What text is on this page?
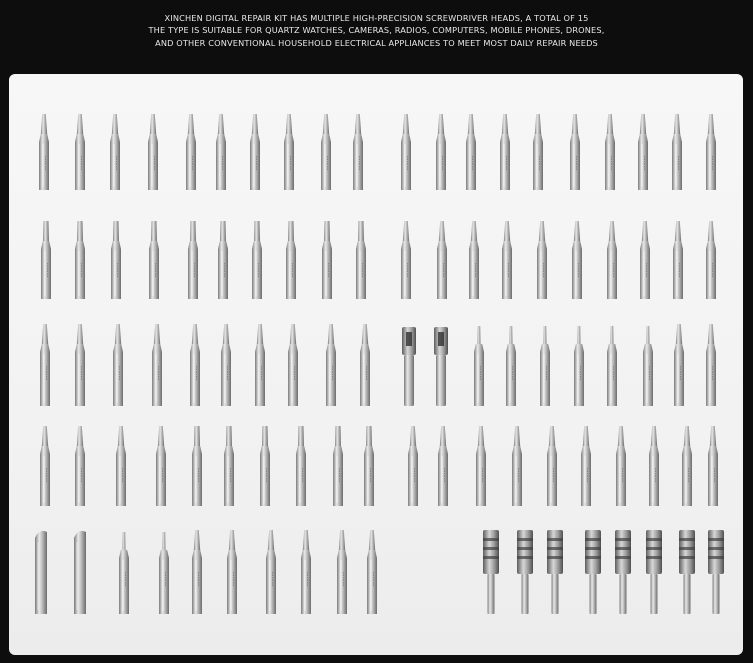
XINCHEN DIGITAL REPAIR KIT HAS MULTIPLE HIGH-PRECISION SCREWDRIVER HEADS, A TOTAL OF 15
THE TYPE IS SUITABLE FOR QUARTZ WATCHES, CAMERAS, RADIOS, COMPUTERS, MOBILE PHONES, DRONES,
AND OTHER CONVENTIONAL HOUSEHOLD ELECTRICAL APPLIANCES TO MEET MOST DAILY REPAIR NEEDS
